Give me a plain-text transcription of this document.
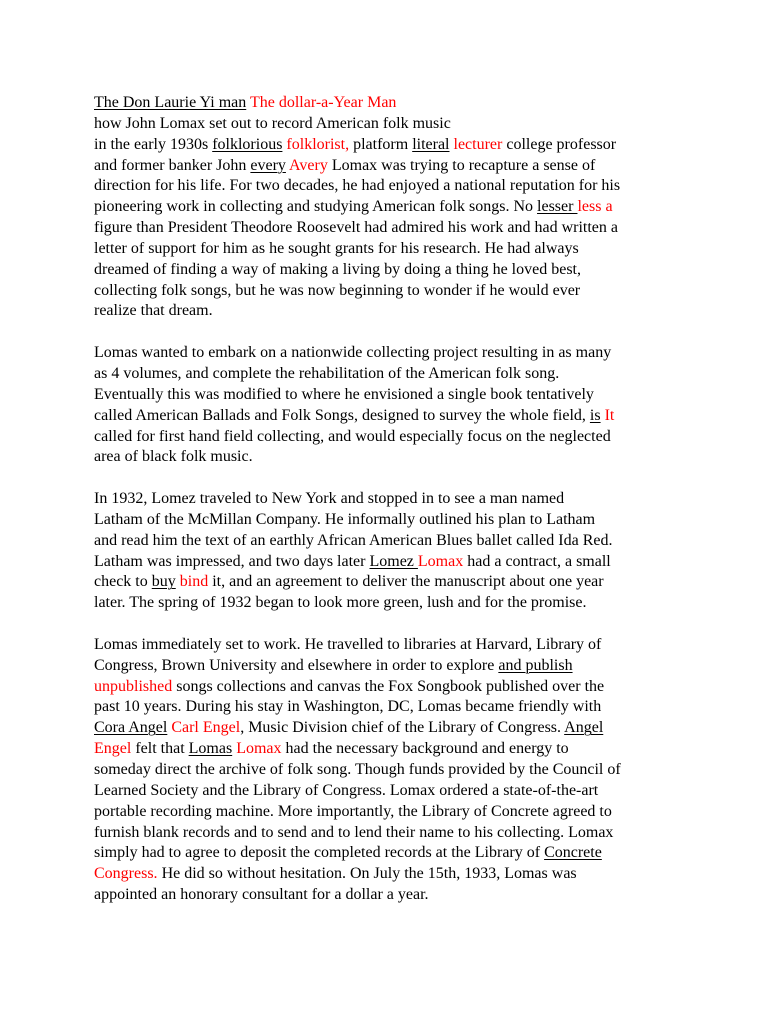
The Don Laurie Yi man The dollar-a-Year Man
how John Lomax set out to record American folk music
in the early 1930s folklorious folklorist, platform literal lecturer college professor
and former banker John every Avery Lomax was trying to recapture a sense of
direction for his life. For two decades, he had enjoyed a national reputation for his
pioneering work in collecting and studying American folk songs. No lesser less a
figure than President Theodore Roosevelt had admired his work and had written a
letter of support for him as he sought grants for his research. He had always
dreamed of finding a way of making a living by doing a thing he loved best,
collecting folk songs, but he was now beginning to wonder if he would ever
realize that dream.
Lomas wanted to embark on a nationwide collecting project resulting in as many
as 4 volumes, and complete the rehabilitation of the American folk song.
Eventually this was modified to where he envisioned a single book tentatively
called American Ballads and Folk Songs, designed to survey the whole field, is It
called for first hand field collecting, and would especially focus on the neglected
area of black folk music.
In 1932, Lomez traveled to New York and stopped in to see a man named
Latham of the McMillan Company. He informally outlined his plan to Latham
and read him the text of an earthly African American Blues ballet called Ida Red.
Latham was impressed, and two days later Lomez Lomax had a contract, a small
check to buy bind it, and an agreement to deliver the manuscript about one year
later. The spring of 1932 began to look more green, lush and for the promise.
Lomas immediately set to work. He travelled to libraries at Harvard, Library of
Congress, Brown University and elsewhere in order to explore and publish
unpublished songs collections and canvas the Fox Songbook published over the
past 10 years. During his stay in Washington, DC, Lomas became friendly with
Cora Angel Carl Engel, Music Division chief of the Library of Congress. Angel
Engel felt that Lomas Lomax had the necessary background and energy to
someday direct the archive of folk song. Though funds provided by the Council of
Learned Society and the Library of Congress. Lomax ordered a state-of-the-art
portable recording machine. More importantly, the Library of Concrete agreed to
furnish blank records and to send and to lend their name to his collecting. Lomax
simply had to agree to deposit the completed records at the Library of Concrete
Congress. He did so without hesitation. On July the 15th, 1933, Lomas was
appointed an honorary consultant for a dollar a year.
